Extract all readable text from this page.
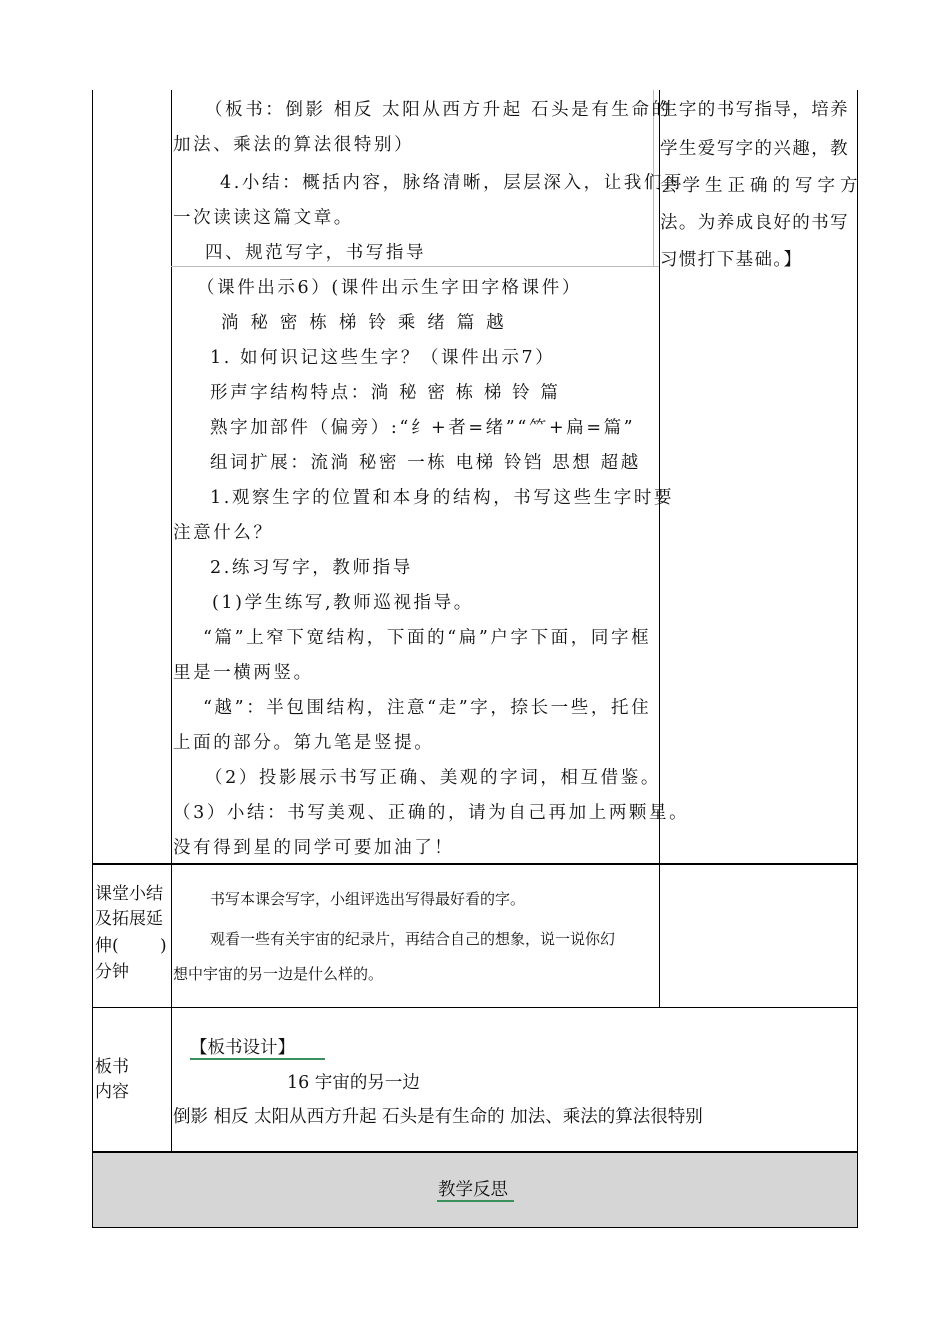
（板书：倒影 相反 太阳从西方升起 石头是有生命的
加法、乘法的算法很特别）
4.小结：概括内容，脉络清晰，层层深入，让我们再
一次读读这篇文章。
四、规范写字，书写指导
（课件出示6）(课件出示生字田字格课件）
淌 秘 密 栋 梯 铃 乘 绪 篇 越
1. 如何识记这些生字？（课件出示7）
形声字结构特点：淌 秘 密 栋 梯 铃 篇
熟字加部件（偏旁）:“纟+者=绪”“⺮+扁=篇”
组词扩展：流淌 秘密 一栋 电梯 铃铛 思想 超越
1.观察生字的位置和本身的结构，书写这些生字时要
注意什么？
2.练习写字，教师指导
(1)学生练写,教师巡视指导。
“篇”上窄下宽结构，下面的“扁”户字下面，同字框
里是一横两竖。
“越”：半包围结构，注意“走”字，捺长一些，托住
上面的部分。第九笔是竖提。
（2）投影展示书写正确、美观的字词，相互借鉴。
（3）小结：书写美观、正确的，请为自己再加上两颗星。
没有得到星的同学可要加油了！
生字的书写指导，培养
学生爱写字的兴趣，教
会学生正确的写字方
法。为养成良好的书写
习惯打下基础。】
课堂小结
及拓展延
伸( )
分钟
书写本课会写字，小组评选出写得最好看的字。
观看一些有关宇宙的纪录片，再结合自己的想象，说一说你幻
想中宇宙的另一边是什么样的。
板书
内容
【板书设计】
16 宇宙的另一边
倒影 相反 太阳从西方升起 石头是有生命的 加法、乘法的算法很特别
教学反思
